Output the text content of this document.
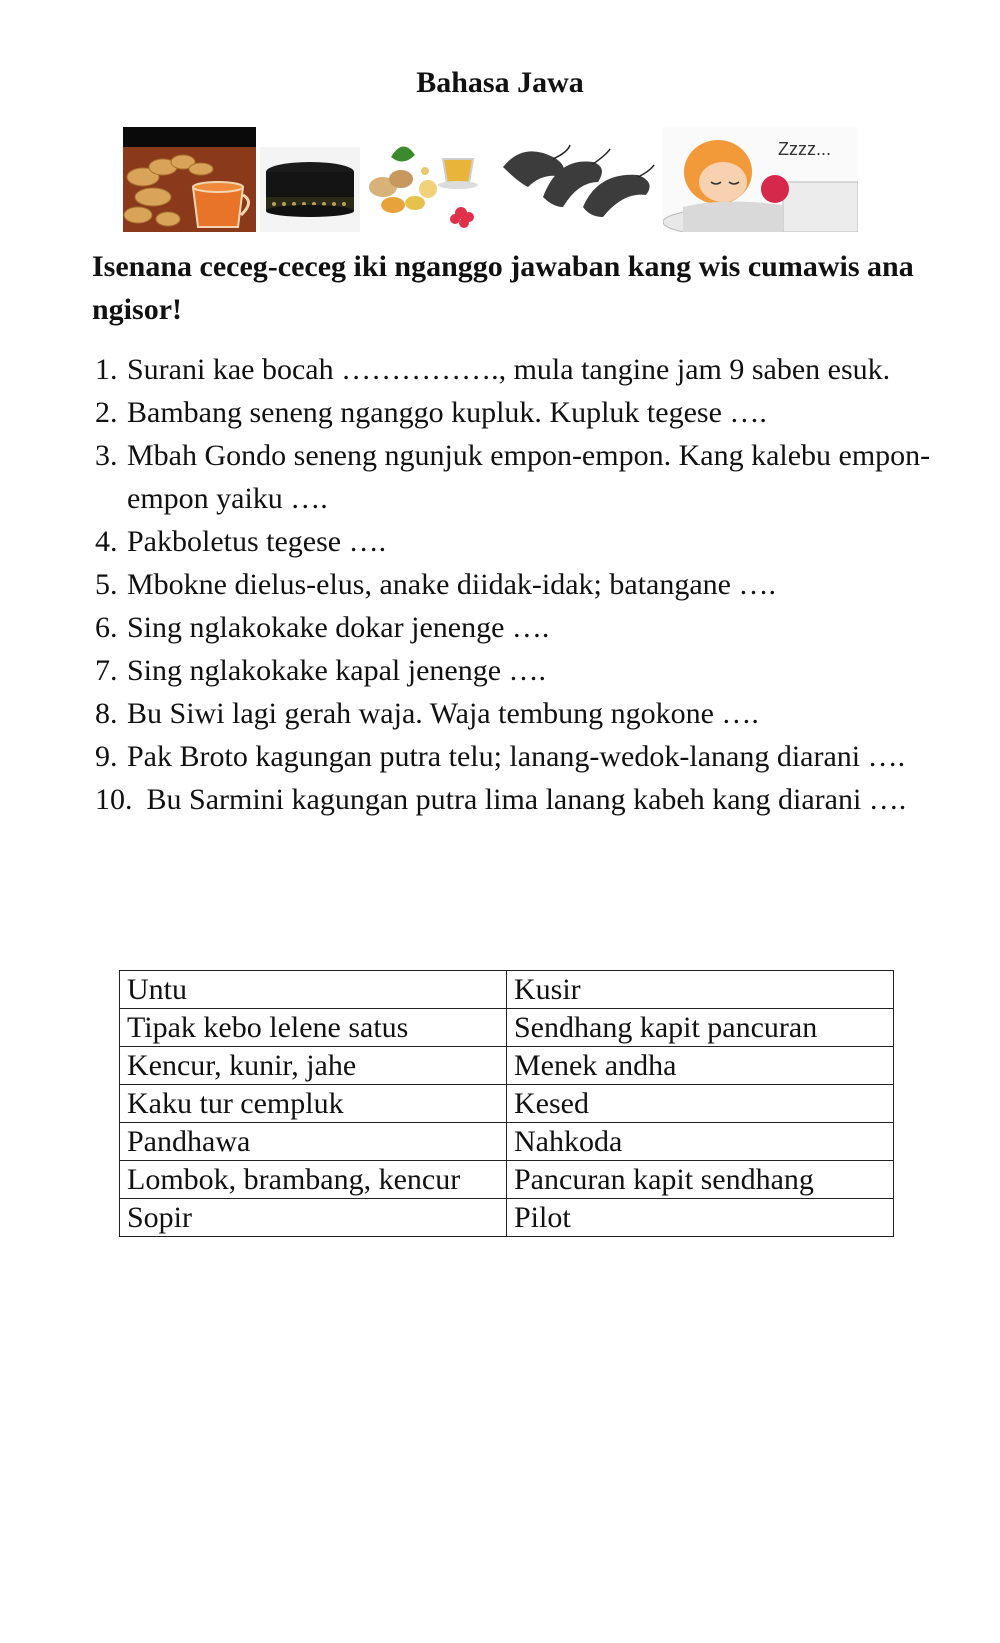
Bahasa Jawa
Zzzz...
Isenana ceceg-ceceg iki nganggo jawaban kang wis cumawis ana ngisor!
1. Surani kae bocah ……………., mula tangine jam 9 saben esuk.
2. Bambang seneng nganggo kupluk. Kupluk tegese ….
3. Mbah Gondo seneng ngunjuk empon-empon. Kang kalebu empon-empon yaiku ….
4. Pakboletus tegese ….
5. Mbokne dielus-elus, anake diidak-idak; batangane ….
6. Sing nglakokake dokar jenenge ….
7. Sing nglakokake kapal jenenge ….
8. Bu Siwi lagi gerah waja. Waja tembung ngokone ….
9. Pak Broto kagungan putra telu; lanang-wedok-lanang diarani ….
10. Bu Sarmini kagungan putra lima lanang kabeh kang diarani ….
Untu	Kusir
Tipak kebo lelene satus	Sendhang kapit pancuran
Kencur, kunir, jahe	Menek andha
Kaku tur cempluk	Kesed
Pandhawa	Nahkoda
Lombok, brambang, kencur	Pancuran kapit sendhang
Sopir	Pilot
